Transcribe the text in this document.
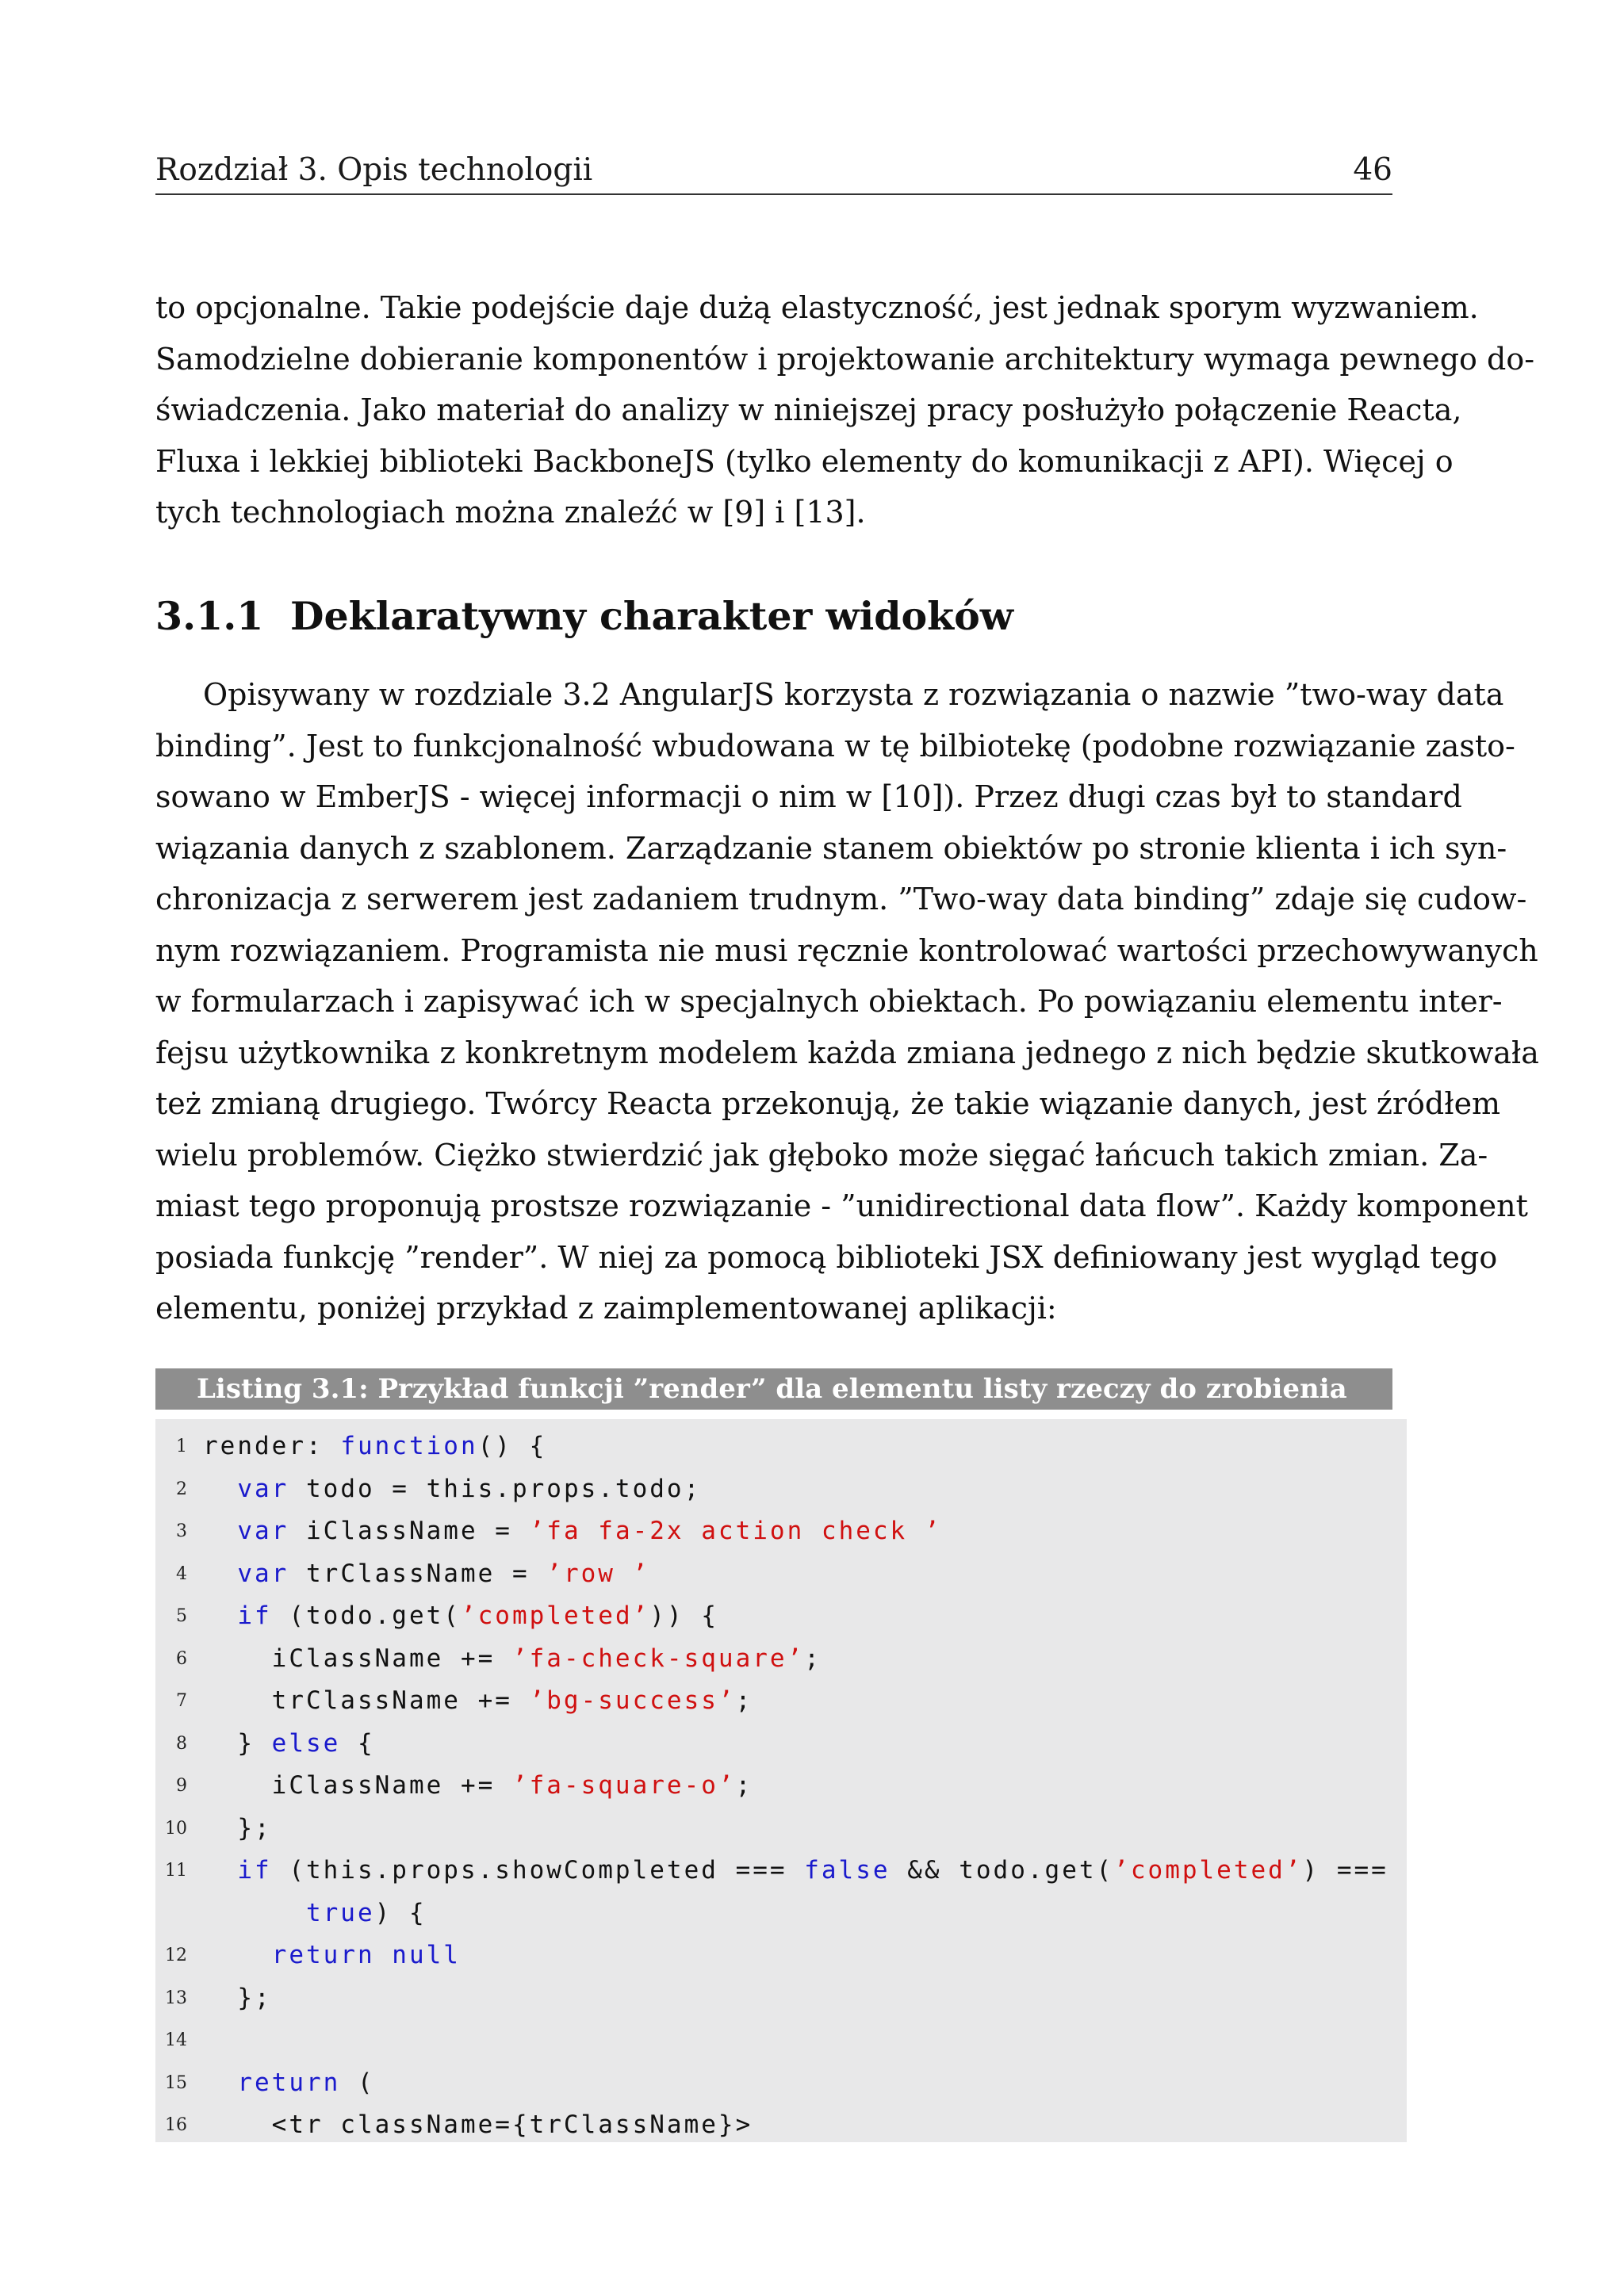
Rozdział 3. Opis technologii	46
to opcjonalne. Takie podejście daje dużą elastyczność, jest jednak sporym wyzwaniem.
Samodzielne dobieranie komponentów i projektowanie architektury wymaga pewnego do-
świadczenia. Jako materiał do analizy w niniejszej pracy posłużyło połączenie Reacta,
Fluxa i lekkiej biblioteki BackboneJS (tylko elementy do komunikacji z API). Więcej o
tych technologiach można znaleźć w [9] i [13].
3.1.1 Deklaratywny charakter widoków
Opisywany w rozdziale 3.2 AngularJS korzysta z rozwiązania o nazwie ”two-way data
binding”. Jest to funkcjonalność wbudowana w tę bilbiotekę (podobne rozwiązanie zasto-
sowano w EmberJS - więcej informacji o nim w [10]). Przez długi czas był to standard
wiązania danych z szablonem. Zarządzanie stanem obiektów po stronie klienta i ich syn-
chronizacja z serwerem jest zadaniem trudnym. ”Two-way data binding” zdaje się cudow-
nym rozwiązaniem. Programista nie musi ręcznie kontrolować wartości przechowywanych
w formularzach i zapisywać ich w specjalnych obiektach. Po powiązaniu elementu inter-
fejsu użytkownika z konkretnym modelem każda zmiana jednego z nich będzie skutkowała
też zmianą drugiego. Twórcy Reacta przekonują, że takie wiązanie danych, jest źródłem
wielu problemów. Ciężko stwierdzić jak głęboko może sięgać łańcuch takich zmian. Za-
miast tego proponują prostsze rozwiązanie - ”unidirectional data flow”. Każdy komponent
posiada funkcję ”render”. W niej za pomocą biblioteki JSX definiowany jest wygląd tego
elementu, poniżej przykład z zaimplementowanej aplikacji:
Listing 3.1: Przykład funkcji ”render” dla elementu listy rzeczy do zrobienia
1 render: function() {
2	var todo = this.props.todo;
3	var iClassName = ’fa fa-2x action check ’
4	var trClassName = ’row ’
5	if (todo.get(’completed’)) {
6 iClassName += ’fa-check-square’;
7 trClassName += ’bg-success’;
8 } else {
9 iClassName += ’fa-square-o’;
10 };
11	if (this.props.showCompleted === false && todo.get(’completed’) ===
true) {
12	return null
13 };
14
15	return (
16 <tr className={trClassName}>
